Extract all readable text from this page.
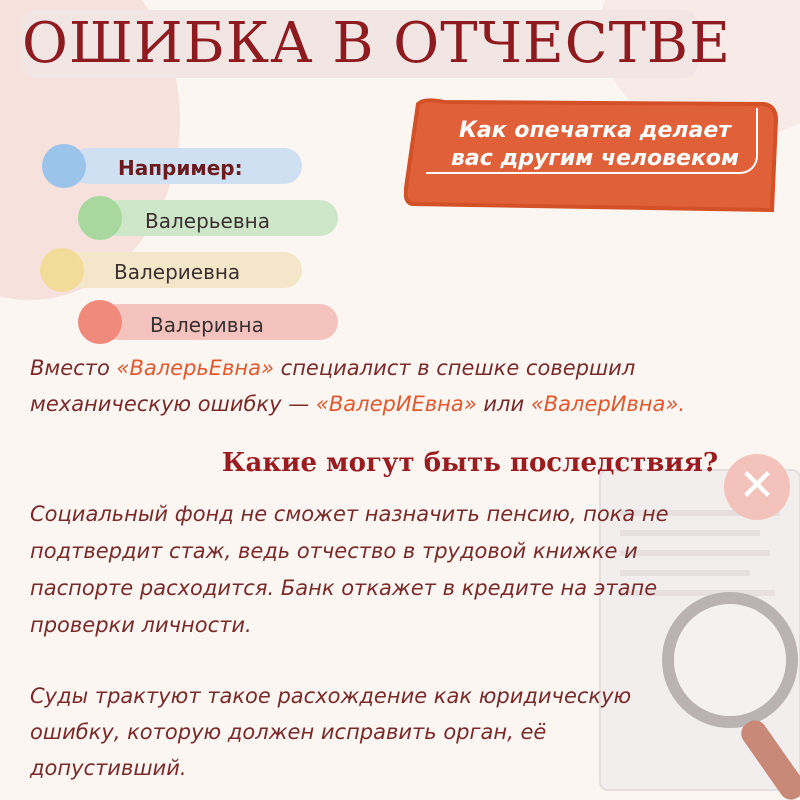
✕
ОШИБКА В ОТЧЕСТВЕ
Как опечатка делает
вас другим человеком
Например:
Валерьевна
Валериевна
Валеривна
Вместо «ВалерьЕвна» специалист в спешке совершил
механическую ошибку — «ВалерИЕвна» или «ВалерИвна».
Какие могут быть последствия?
Социальный фонд не сможет назначить пенсию, пока не
подтвердит стаж, ведь отчество в трудовой книжке и
паспорте расходится. Банк откажет в кредите на этапе
проверки личности.
Суды трактуют такое расхождение как юридическую
ошибку, которую должен исправить орган, её
допустивший.
